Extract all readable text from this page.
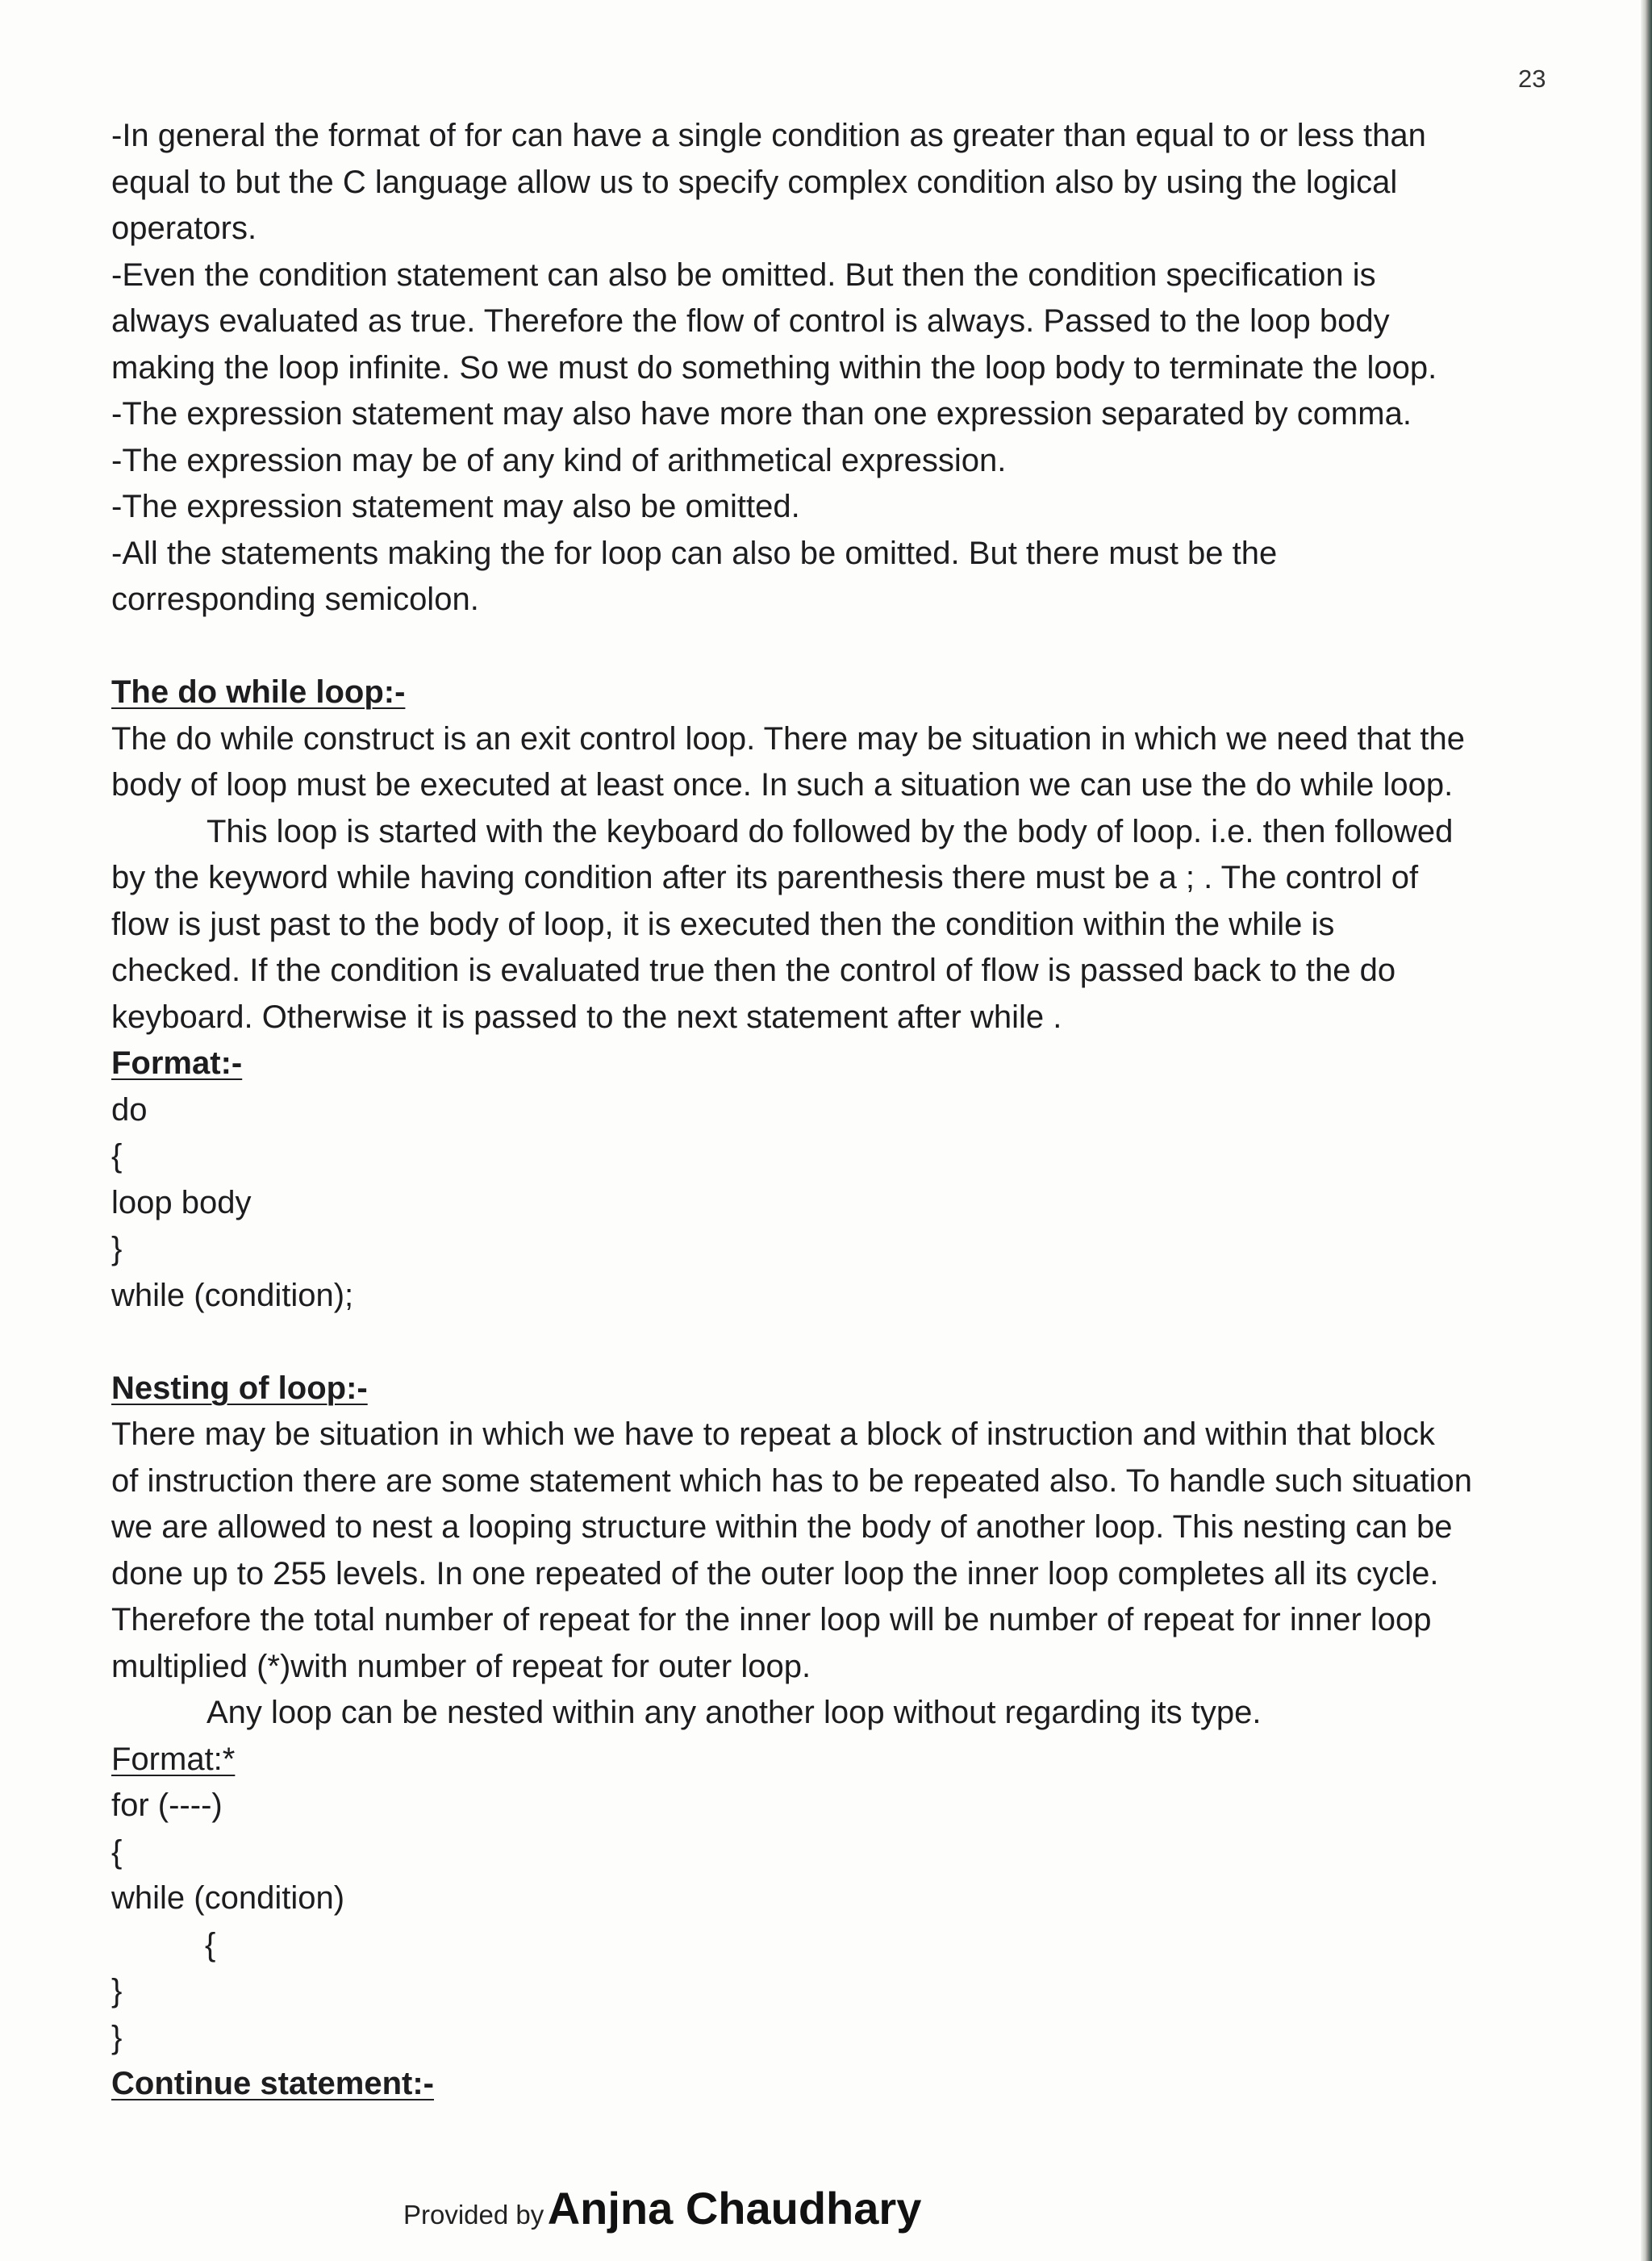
23
-In general the format of for can have a single condition as greater than equal to or less than
equal to but the C language allow us to specify complex condition also by using the logical
operators.
-Even the condition statement can also be omitted. But then the condition specification is
always evaluated as true. Therefore the flow of control is always. Passed to the loop body
making the loop infinite. So we must do something within the loop body to terminate the loop.
-The expression statement may also have more than one expression separated by comma.
-The expression may be of any kind of arithmetical expression.
-The expression statement may also be omitted.
-All the statements making the for loop can also be omitted. But there must be the
corresponding semicolon.
The do while loop:-
The do while construct is an exit control loop. There may be situation in which we need that the
body of loop must be executed at least once. In such a situation we can use the do while loop.
This loop is started with the keyboard do followed by the body of loop. i.e. then followed
by the keyword while having condition after its parenthesis there must be a ; . The control of
flow is just past to the body of loop, it is executed then the condition within the while is
checked. If the condition is evaluated true then the control of flow is passed back to the do
keyboard. Otherwise it is passed to the next statement after while .
Format:-
do
{
loop body
}
while (condition);
Nesting of loop:-
There may be situation in which we have to repeat a block of instruction and within that block
of instruction there are some statement which has to be repeated also. To handle such situation
we are allowed to nest a looping structure within the body of another loop. This nesting can be
done up to 255 levels. In one repeated of the outer loop the inner loop completes all its cycle.
Therefore the total number of repeat for the inner loop will be number of repeat for inner loop
multiplied (*)with number of repeat for outer loop.
Any loop can be nested within any another loop without regarding its type.
Format:*
for (----)
{
while (condition)
{
}
}
Continue statement:-
Provided by Anjna Chaudhary
